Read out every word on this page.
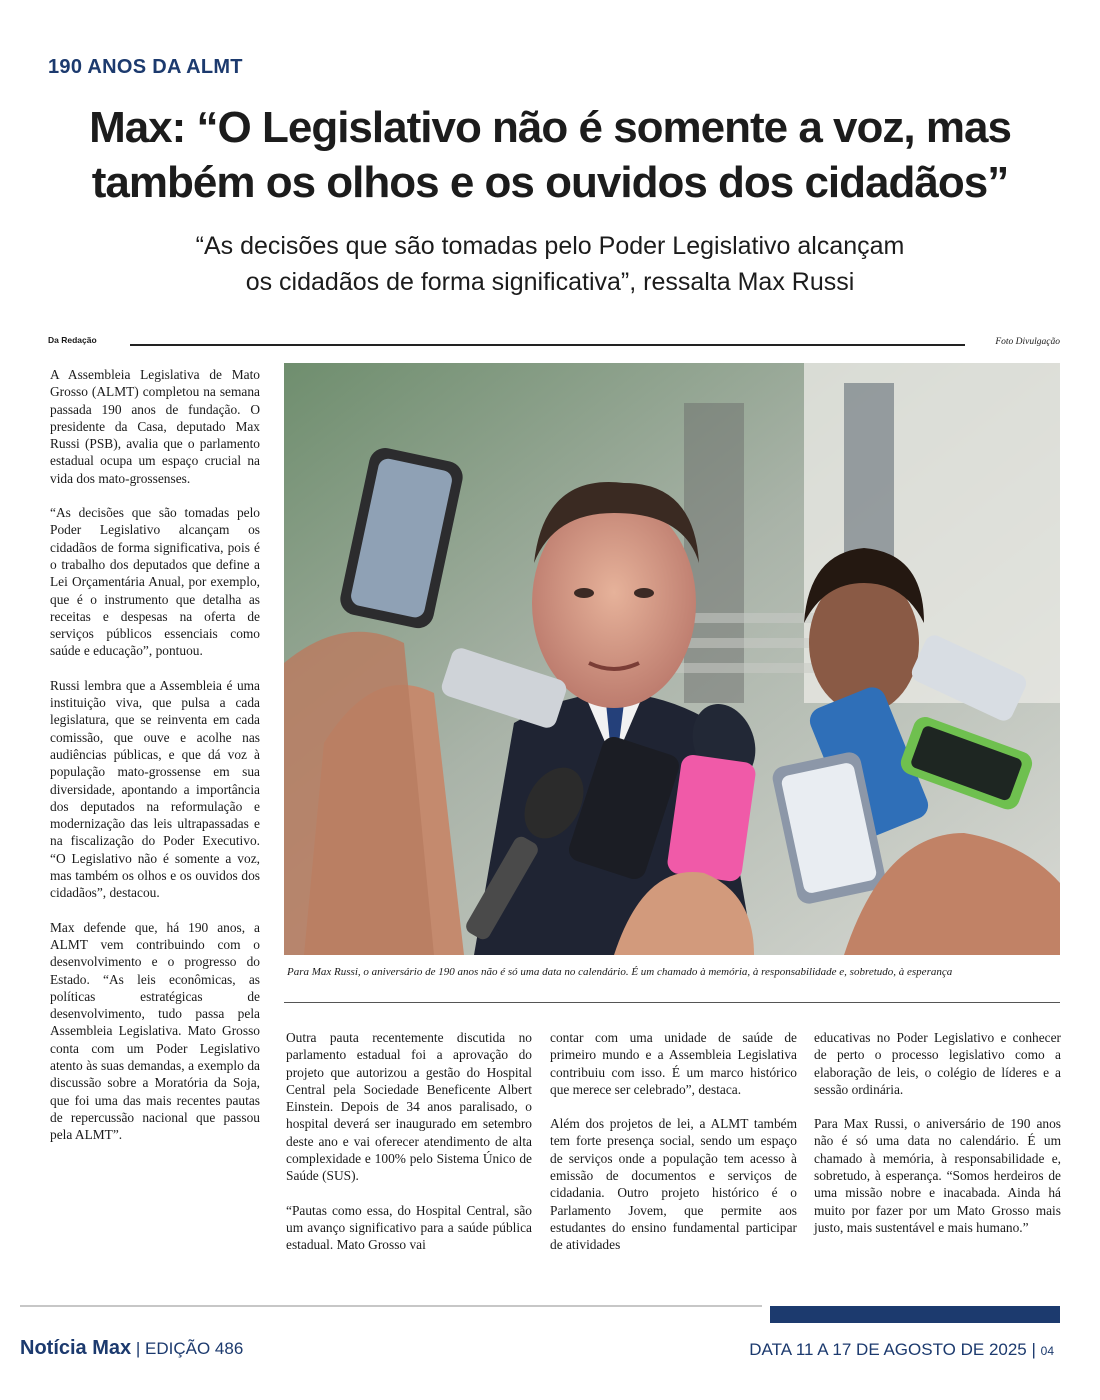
190 ANOS DA ALMT
Max: “O Legislativo não é somente a voz, mas
também os olhos e os ouvidos dos cidadãos”

“As decisões que são tomadas pelo Poder Legislativo alcançam
os cidadãos de forma significativa”, ressalta Max Russi

Da Redação	Foto Divulgação

A Assembleia Legislativa de Mato Grosso (ALMT) completou na semana passada 190 anos de fundação. O presidente da Casa, deputado Max Russi (PSB), avalia que o parlamento estadual ocupa um espaço crucial na vida dos mato-grossenses.

“As decisões que são tomadas pelo Poder Legislativo alcançam os cidadãos de forma significativa, pois é o trabalho dos deputados que define a Lei Orçamentária Anual, por exemplo, que é o instrumento que detalha as receitas e despesas na oferta de serviços públicos essenciais como saúde e educação”, pontuou.

Russi lembra que a Assembleia é uma instituição viva, que pulsa a cada legislatura, que se reinventa em cada comissão, que ouve e acolhe nas audiências públicas, e que dá voz à população mato-grossense em sua diversidade, apontando a importância dos deputados na reformulação e modernização das leis ultrapassadas e na fiscalização do Poder Executivo. “O Legislativo não é somente a voz, mas também os olhos e os ouvidos dos cidadãos”, destacou.

Max defende que, há 190 anos, a ALMT vem contribuindo com o desenvolvimento e o progresso do Estado. “As leis econômicas, as políticas estratégicas de desenvolvimento, tudo passa pela Assembleia Legislativa. Mato Grosso conta com um Poder Legislativo atento às suas demandas, a exemplo da discussão sobre a Moratória da Soja, que foi uma das mais recentes pautas de repercussão nacional que passou pela ALMT”.

Para Max Russi, o aniversário de 190 anos não é só uma data no calendário. É um chamado à memória, à responsabilidade e, sobretudo, à esperança

Outra pauta recentemente discutida no parlamento estadual foi a aprovação do projeto que autorizou a gestão do Hospital Central pela Sociedade Beneficente Albert Einstein. Depois de 34 anos paralisado, o hospital deverá ser inaugurado em setembro deste ano e vai oferecer atendimento de alta complexidade e 100% pelo Sistema Único de Saúde (SUS).

“Pautas como essa, do Hospital Central, são um avanço significativo para a saúde pública estadual. Mato Grosso vai

contar com uma unidade de saúde de primeiro mundo e a Assembleia Legislativa contribuiu com isso. É um marco histórico que merece ser celebrado”, destaca.

Além dos projetos de lei, a ALMT também tem forte presença social, sendo um espaço de serviços onde a população tem acesso à emissão de documentos e serviços de cidadania. Outro projeto histórico é o Parlamento Jovem, que permite aos estudantes do ensino fundamental participar de atividades

educativas no Poder Legislativo e conhecer de perto o processo legislativo como a elaboração de leis, o colégio de líderes e a sessão ordinária.

Para Max Russi, o aniversário de 190 anos não é só uma data no calendário. É um chamado à memória, à responsabilidade e, sobretudo, à esperança. “Somos herdeiros de uma missão nobre e inacabada. Ainda há muito por fazer por um Mato Grosso mais justo, mais sustentável e mais humano.”

Notícia Max | EDIÇÃO 486	DATA 11 A 17 DE AGOSTO DE 2025 | 04
